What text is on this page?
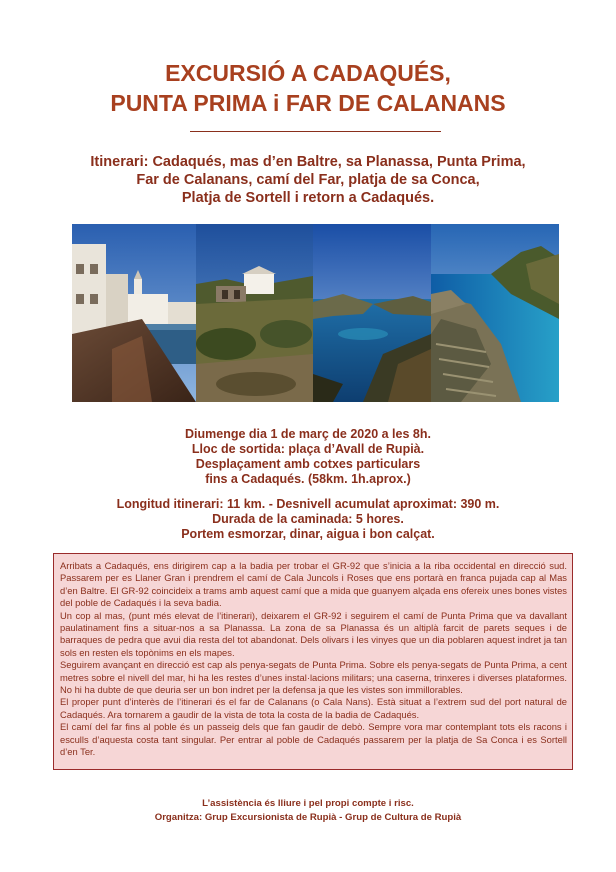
EXCURSIÓ A CADAQUÉS,
PUNTA PRIMA i FAR DE CALANANS
Itinerari: Cadaqués, mas d’en Baltre, sa Planassa, Punta Prima,
Far de Calanans, camí del Far, platja de sa Conca,
Platja de Sortell i retorn a Cadaqués.
Diumenge dia 1 de març de 2020 a les 8h.
Lloc de sortida: plaça d’Avall de Rupià.
Desplaçament amb cotxes particulars
fins a Cadaqués. (58km. 1h.aprox.)
Longitud itinerari: 11 km. - Desnivell acumulat aproximat: 390 m.
Durada de la caminada: 5 hores.
Portem esmorzar, dinar, aigua i bon calçat.

Arribats a Cadaqués, ens dirigirem cap a la badia per trobar el GR-92 que s’inicia a la riba occidental en direcció sud. Passarem per es Llaner Gran i prendrem el camí de Cala Juncols i Roses que ens portarà en franca pujada cap al Mas d’en Baltre. El GR-92 coincideix a trams amb aquest camí que a mida que guanyem alçada ens ofereix unes bones vistes del poble de Cadaqués i la seva badia.

Un cop al mas, (punt més elevat de l’itinerari), deixarem el GR-92 i seguirem el camí de Punta Prima que va davallant paulatinament fins a situar-nos a sa Planassa. La zona de sa Planassa és un altiplà farcit de parets seques i de barraques de pedra que avui dia resta del tot abandonat. Dels olivars i les vinyes que un dia poblaren aquest indret ja tan sols en resten els topònims en els mapes.

Seguirem avançant en direcció est cap als penya-segats de Punta Prima. Sobre els penya-segats de Punta Prima, a cent metres sobre el nivell del mar, hi ha les restes d’unes instal·lacions militars; una caserna, trinxeres i diverses plataformes. No hi ha dubte de que deuria ser un bon indret per la defensa ja que les vistes son immillorables.

El proper punt d’interès de l’itinerari és el far de Calanans (o Cala Nans). Està situat a l’extrem sud del port natural de Cadaqués. Ara tornarem a gaudir de la vista de tota la costa de la badia de Cadaqués.

El camí del far fins al poble és un passeig dels que fan gaudir de debò. Sempre vora mar contemplant tots els racons i esculls d’aquesta costa tant singular. Per entrar al poble de Cadaqués passarem per la platja de Sa Conca i es Sortell d’en Ter.

L’assistència és lliure i pel propi compte i risc.
Organitza: Grup Excursionista de Rupià - Grup de Cultura de Rupià
